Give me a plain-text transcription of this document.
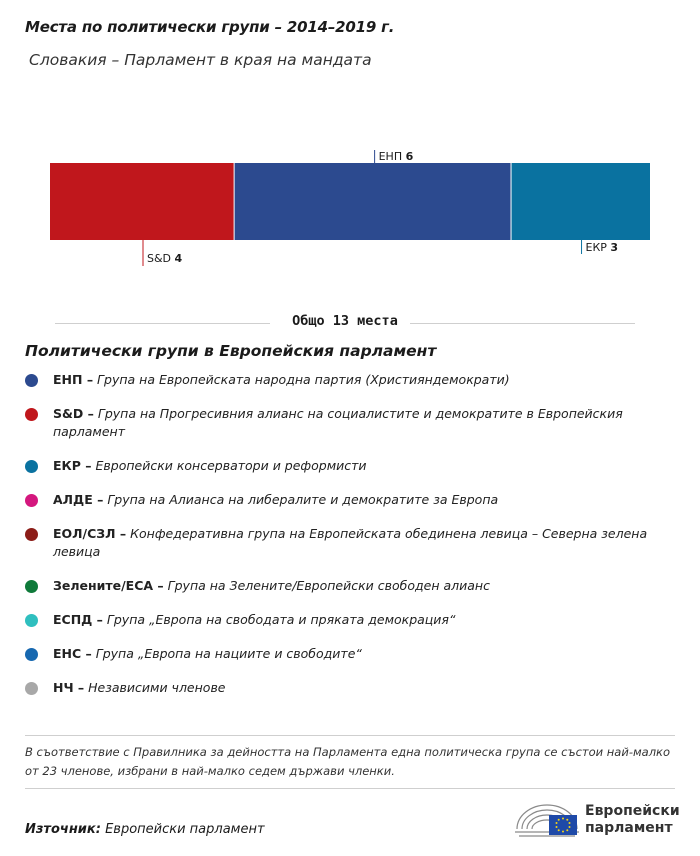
Места по политически групи – 2014–2019 г.
Словакия – Парламент в края на мандата
S&D 4
ЕНП 6
ЕКР 3
Общо 13 места
Политически групи в Европейския парламент
ЕНП – Група на Европейската народна партия (Християндемократи)
S&D – Група на Прогресивния алианс на социалистите и демократите в Европейския парламент
ЕКР – Европейски консерватори и реформисти
АЛДЕ – Група на Алианса на либералите и демократите за Европа
ЕОЛ/СЗЛ – Конфедеративна група на Европейската обединена левица – Северна зелена левица
Зелените/ЕСА – Група на Зелените/Европейски свободен алианс
ЕСПД – Група „Европа на свободата и пряката демокрация“
ЕНС – Група „Европа на нациите и свободите“
НЧ – Независими членове
В съответствие с Правилника за дейността на Парламента една политическа група се състои най-малко от 23 членове, избрани в най-малко седем държави членки.
Източник: Европейски парламент
Европейски
парламент
